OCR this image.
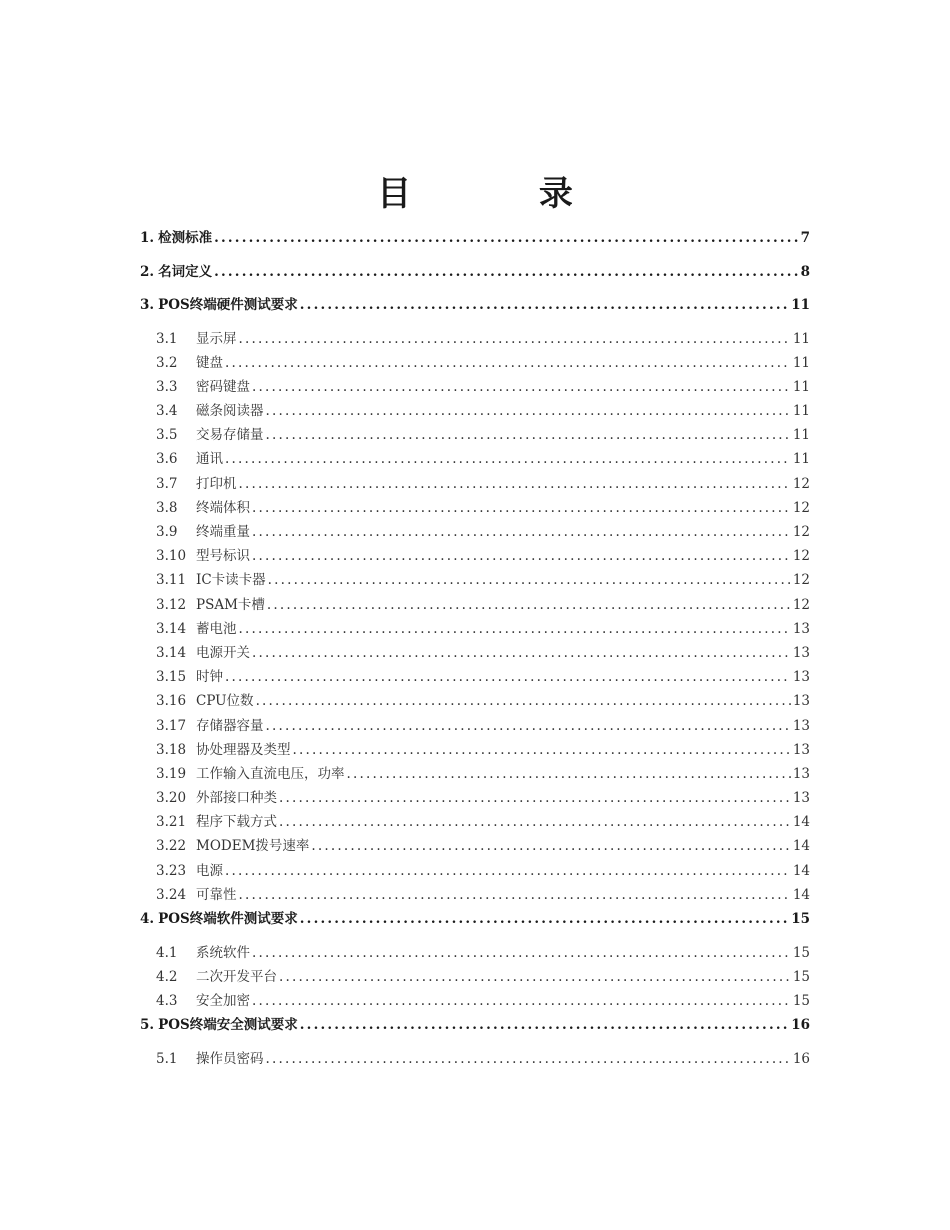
目 录
1. 检测标准 .....	7
2. 名词定义 .....	8
3. POS终端硬件测试要求 .....	11
3.1 显示屏 .....	11
3.2 键盘 .....	11
3.3 密码键盘 .....	11
3.4 磁条阅读器 .....	11
3.5 交易存储量 .....	11
3.6 通讯 .....	11
3.7 打印机 .....	12
3.8 终端体积 .....	12
3.9 终端重量 .....	12
3.10 型号标识 .....	12
3.11 IC卡读卡器 .....	12
3.12 PSAM卡槽 .....	12
3.14 蓄电池 .....	13
3.14 电源开关 .....	13
3.15 时钟 .....	13
3.16 CPU位数 .....	13
3.17 存储器容量 .....	13
3.18 协处理器及类型 .....	13
3.19 工作输入直流电压，功率 .....	13
3.20 外部接口种类 .....	13
3.21 程序下载方式 .....	14
3.22 MODEM拨号速率 .....	14
3.23 电源 .....	14
3.24 可靠性 .....	14
4. POS终端软件测试要求 .....	15
4.1 系统软件 .....	15
4.2 二次开发平台 .....	15
4.3 安全加密 .....	15
5. POS终端安全测试要求 .....	16
5.1 操作员密码 .....	16
